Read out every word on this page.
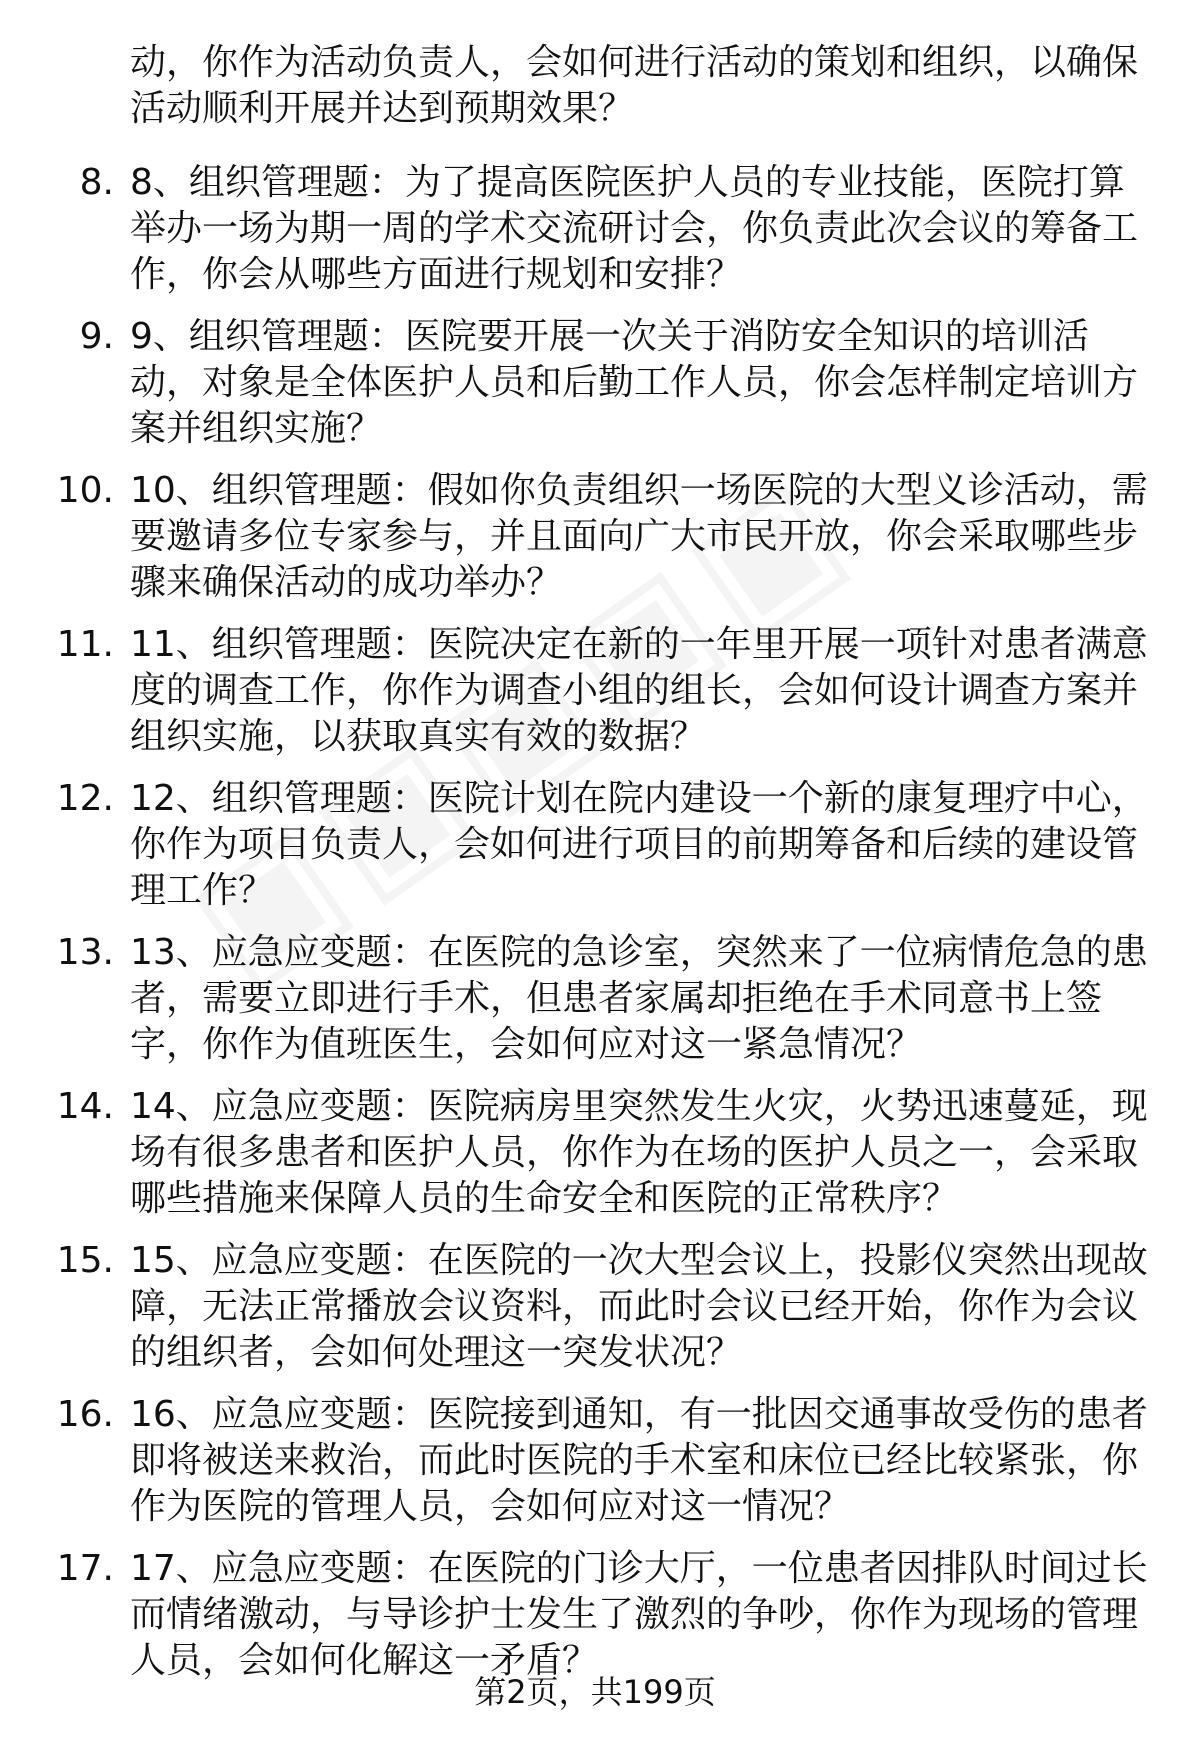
动，你作为活动负责人，会如何进行活动的策划和组织，以确保活动顺利开展并达到预期效果？
8. 8、组织管理题：为了提高医院医护人员的专业技能，医院打算举办一场为期一周的学术交流研讨会，你负责此次会议的筹备工作，你会从哪些方面进行规划和安排？
9. 9、组织管理题：医院要开展一次关于消防安全知识的培训活动，对象是全体医护人员和后勤工作人员，你会怎样制定培训方案并组织实施？
10. 10、组织管理题：假如你负责组织一场医院的大型义诊活动，需要邀请多位专家参与，并且面向广大市民开放，你会采取哪些步骤来确保活动的成功举办？
11. 11、组织管理题：医院决定在新的一年里开展一项针对患者满意度的调查工作，你作为调查小组的组长，会如何设计调查方案并组织实施，以获取真实有效的数据？
12. 12、组织管理题：医院计划在院内建设一个新的康复理疗中心，你作为项目负责人，会如何进行项目的前期筹备和后续的建设管理工作？
13. 13、应急应变题：在医院的急诊室，突然来了一位病情危急的患者，需要立即进行手术，但患者家属却拒绝在手术同意书上签字，你作为值班医生，会如何应对这一紧急情况？
14. 14、应急应变题：医院病房里突然发生火灾，火势迅速蔓延，现场有很多患者和医护人员，你作为在场的医护人员之一，会采取哪些措施来保障人员的生命安全和医院的正常秩序？
15. 15、应急应变题：在医院的一次大型会议上，投影仪突然出现故障，无法正常播放会议资料，而此时会议已经开始，你作为会议的组织者，会如何处理这一突发状况？
16. 16、应急应变题：医院接到通知，有一批因交通事故受伤的患者即将被送来救治，而此时医院的手术室和床位已经比较紧张，你作为医院的管理人员，会如何应对这一情况？
17. 17、应急应变题：在医院的门诊大厅，一位患者因排队时间过长而情绪激动，与导诊护士发生了激烈的争吵，你作为现场的管理人员，会如何化解这一矛盾？
第2页，共199页
